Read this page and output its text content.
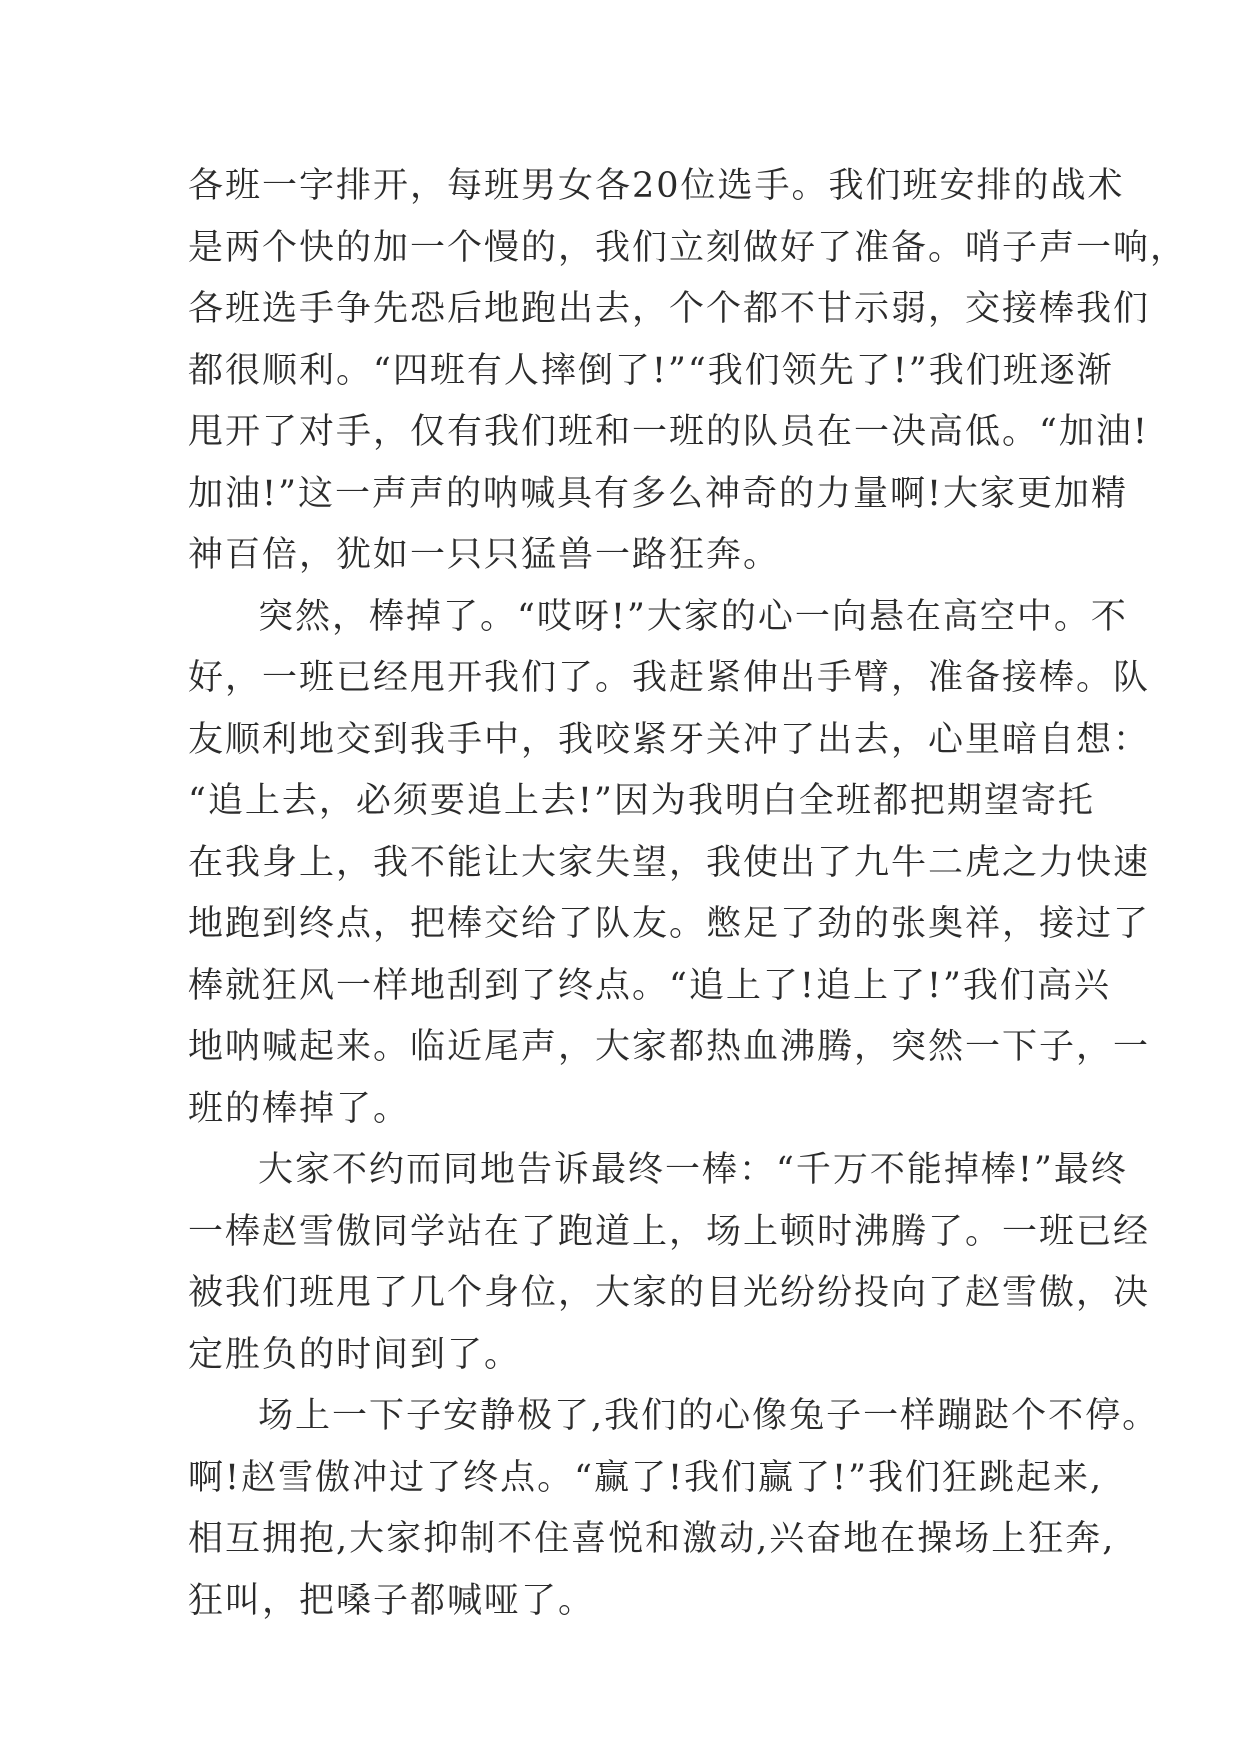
各班一字排开，每班男女各20位选手。我们班安排的战术
是两个快的加一个慢的，我们立刻做好了准备。哨子声一响，
各班选手争先恐后地跑出去，个个都不甘示弱，交接棒我们
都很顺利。“四班有人摔倒了!”“我们领先了!”我们班逐渐
甩开了对手，仅有我们班和一班的队员在一决高低。“加油!
加油!”这一声声的呐喊具有多么神奇的力量啊!大家更加精
神百倍，犹如一只只猛兽一路狂奔。
突然，棒掉了。“哎呀!”大家的心一向悬在高空中。不
好，一班已经甩开我们了。我赶紧伸出手臂，准备接棒。队
友顺利地交到我手中，我咬紧牙关冲了出去，心里暗自想：
“追上去，必须要追上去!”因为我明白全班都把期望寄托
在我身上，我不能让大家失望，我使出了九牛二虎之力快速
地跑到终点，把棒交给了队友。憋足了劲的张奥祥，接过了
棒就狂风一样地刮到了终点。“追上了!追上了!”我们高兴
地呐喊起来。临近尾声，大家都热血沸腾，突然一下子，一
班的棒掉了。
大家不约而同地告诉最终一棒：“千万不能掉棒!”最终
一棒赵雪傲同学站在了跑道上，场上顿时沸腾了。一班已经
被我们班甩了几个身位，大家的目光纷纷投向了赵雪傲，决
定胜负的时间到了。
场上一下子安静极了,我们的心像兔子一样蹦跶个不停。
啊!赵雪傲冲过了终点。“赢了!我们赢了!”我们狂跳起来,
相互拥抱,大家抑制不住喜悦和激动,兴奋地在操场上狂奔,
狂叫，把嗓子都喊哑了。
